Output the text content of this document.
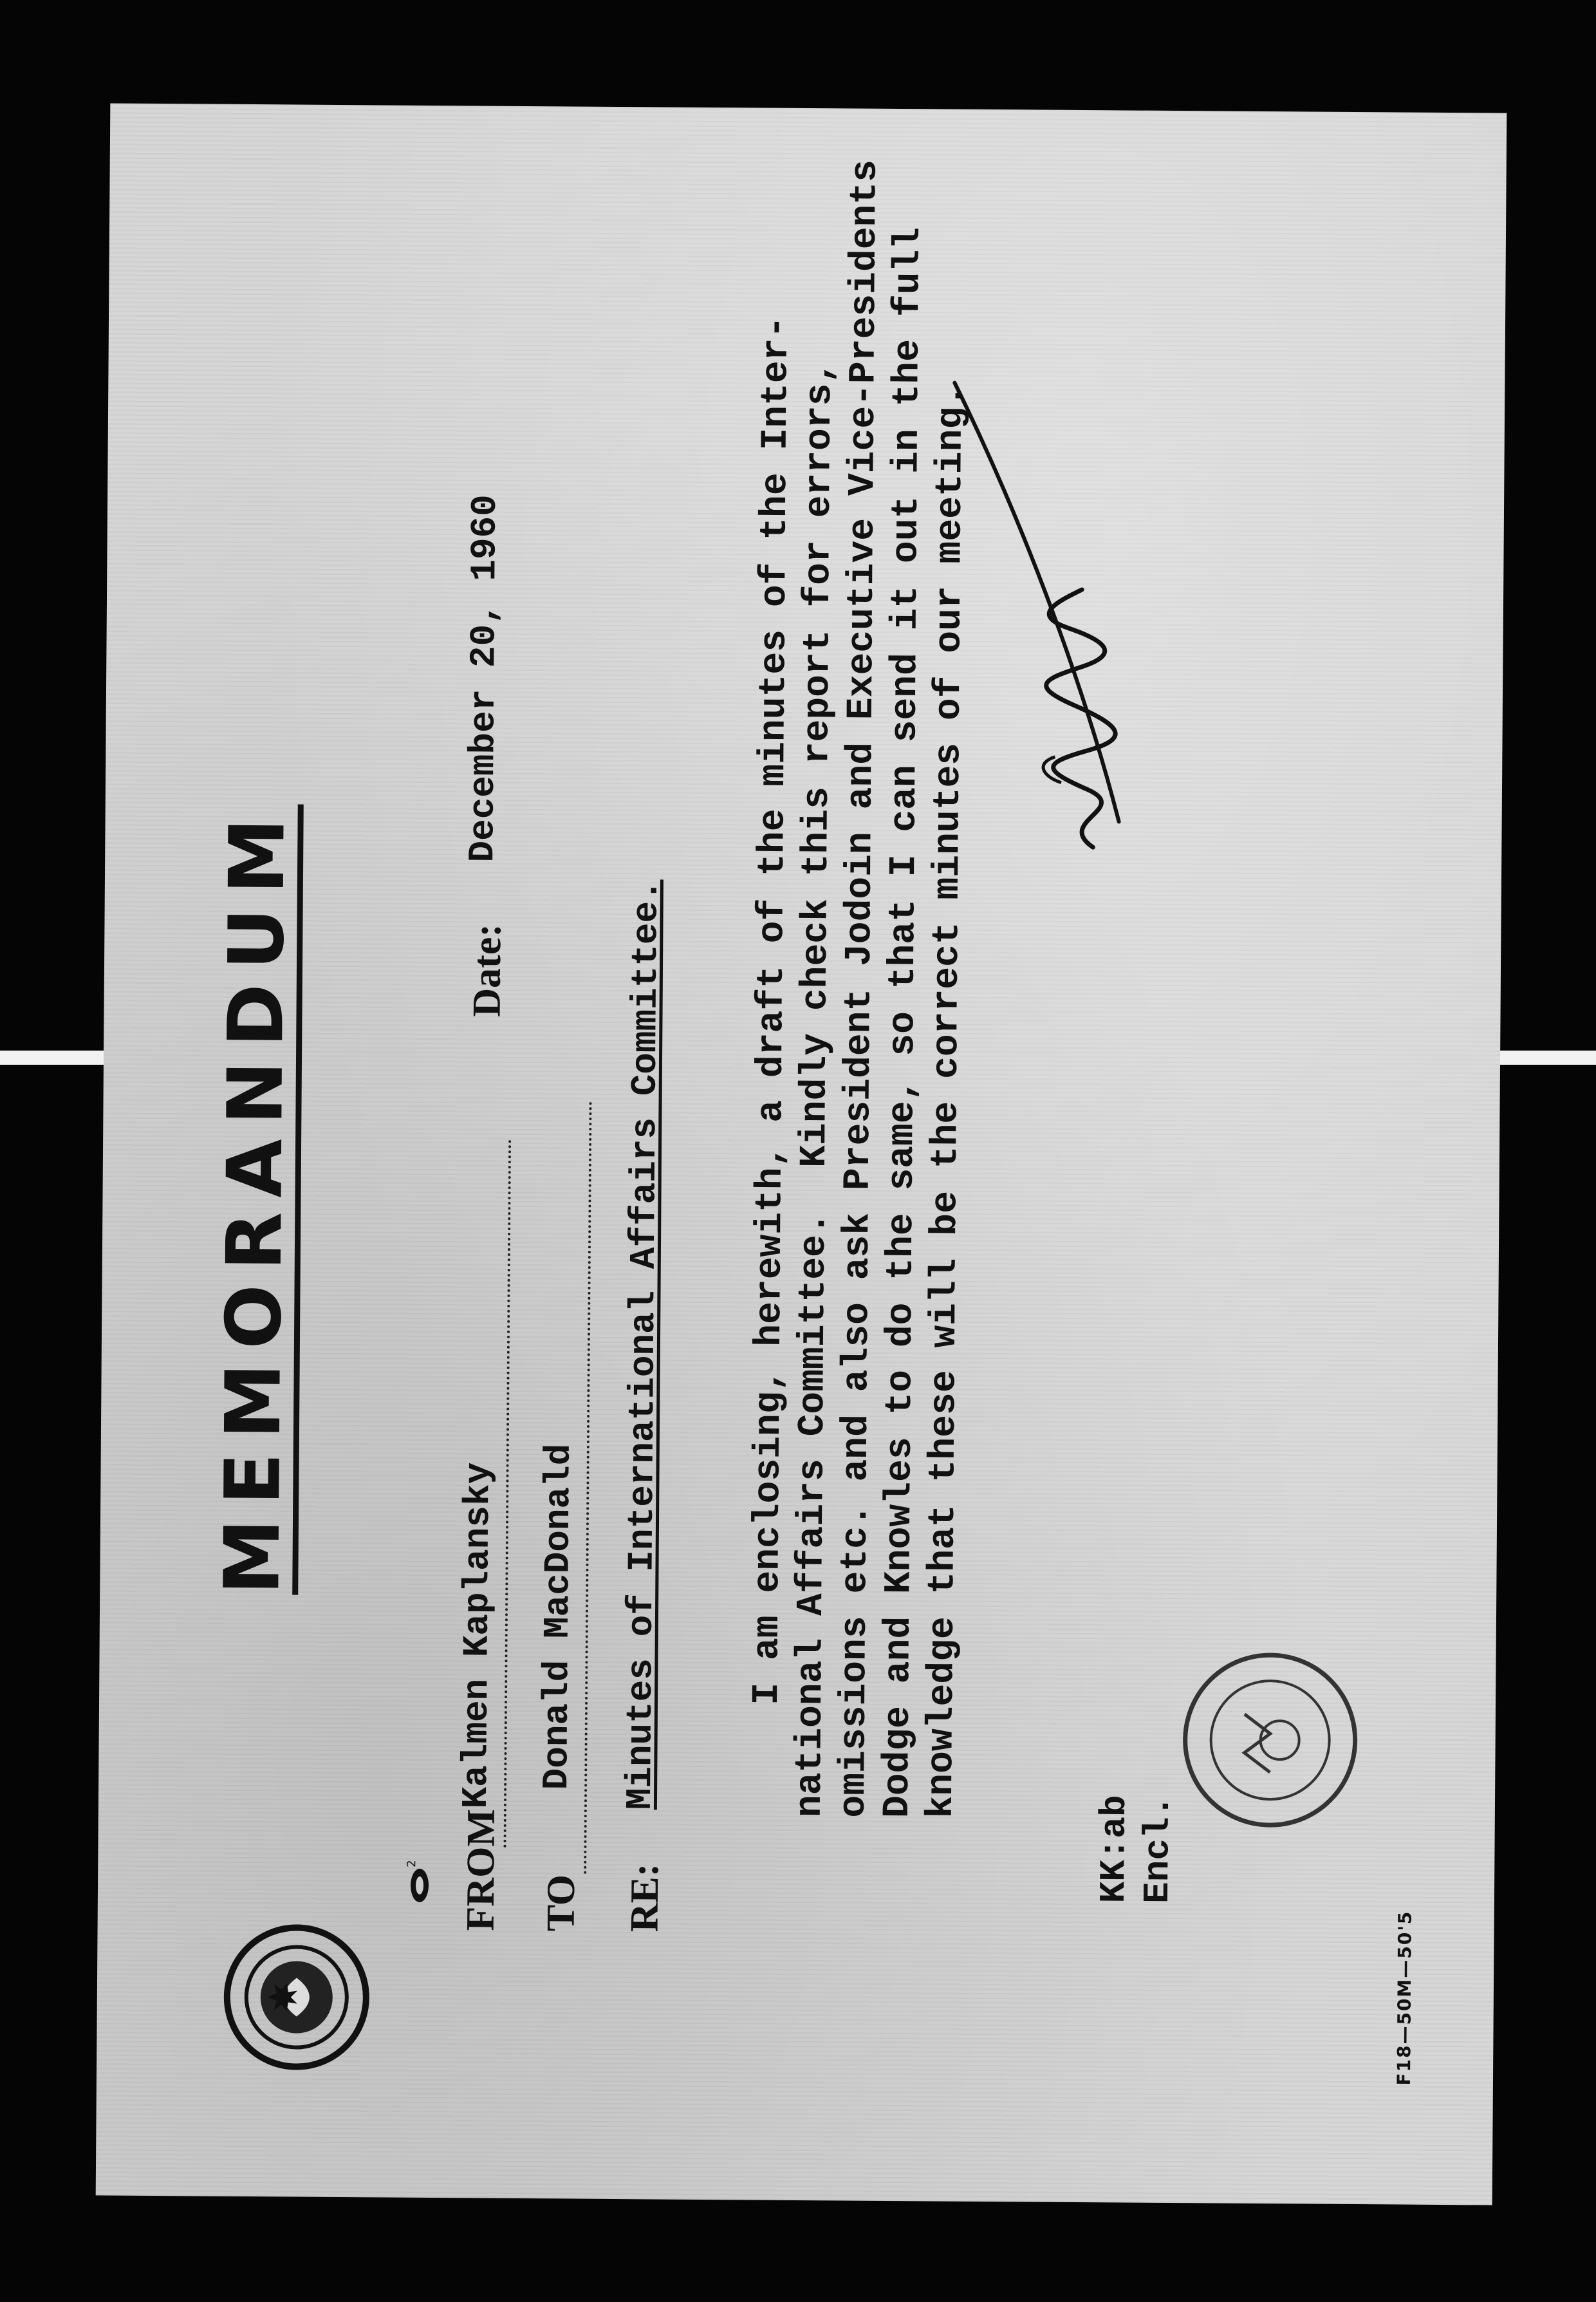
2
MEMORANDUM
FROM
Kalmen Kaplansky
TO
Donald MacDonald
RE:
Minutes of International Affairs Committee.
Date:
December 20, 1960	I am enclosing, herewith, a draft of the minutes of the Inter-
national Affairs Committee.  Kindly check this report for errors,
omissions etc. and also ask President Jodoin and Executive Vice-Presidents
Dodge and Knowles to do the same, so that I can send it out in the full
knowledge that these will be the correct minutes of our meeting.
KK:ab Encl.
F18—50M—50'5
